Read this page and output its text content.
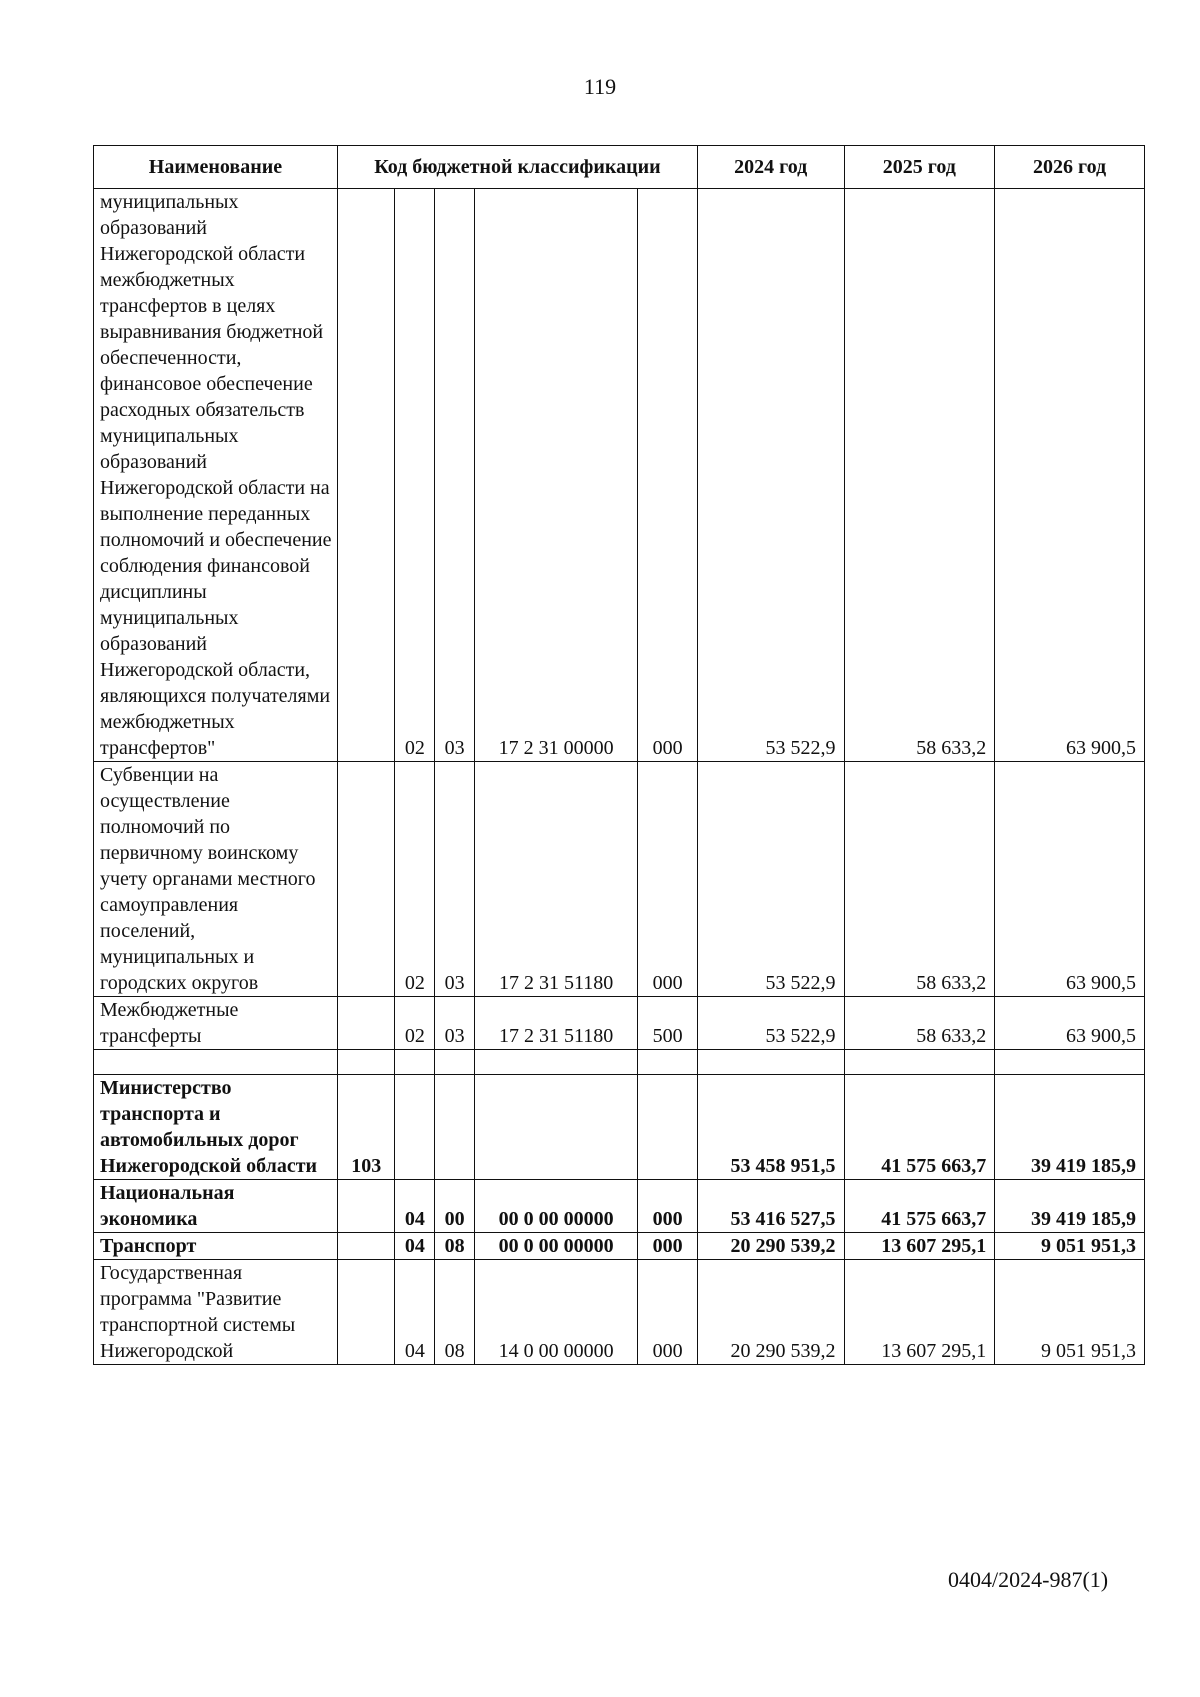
119
Наименование	Код бюджетной классификации					2024 год	2025 год	2026 год

муниципальных образований Нижегородской области межбюджетных трансфертов в целях выравнивания бюджетной обеспеченности, финансовое обеспечение расходных обязательств муниципальных образований Нижегородской области на выполнение переданных полномочий и обеспечение соблюдения финансовой дисциплины муниципальных образований Нижегородской области, являющихся получателями межбюджетных трансфертов"		02	03	17 2 31 00000	000	53 522,9	58 633,2	63 900,5

Субвенции на осуществление полномочий по первичному воинскому учету органами местного самоуправления поселений, муниципальных и городских округов		02	03	17 2 31 51180	000	53 522,9	58 633,2	63 900,5

Межбюджетные трансферты		02	03	17 2 31 51180	500	53 522,9	58 633,2	63 900,5

Министерство транспорта и автомобильных дорог Нижегородской области	103					53 458 951,5	41 575 663,7	39 419 185,9

Национальная экономика		04	00	00 0 00 00000	000	53 416 527,5	41 575 663,7	39 419 185,9

Транспорт		04	08	00 0 00 00000	000	20 290 539,2	13 607 295,1	9 051 951,3

Государственная программа "Развитие транспортной системы Нижегородской		04	08	14 0 00 00000	000	20 290 539,2	13 607 295,1	9 051 951,3
0404/2024-987(1)
